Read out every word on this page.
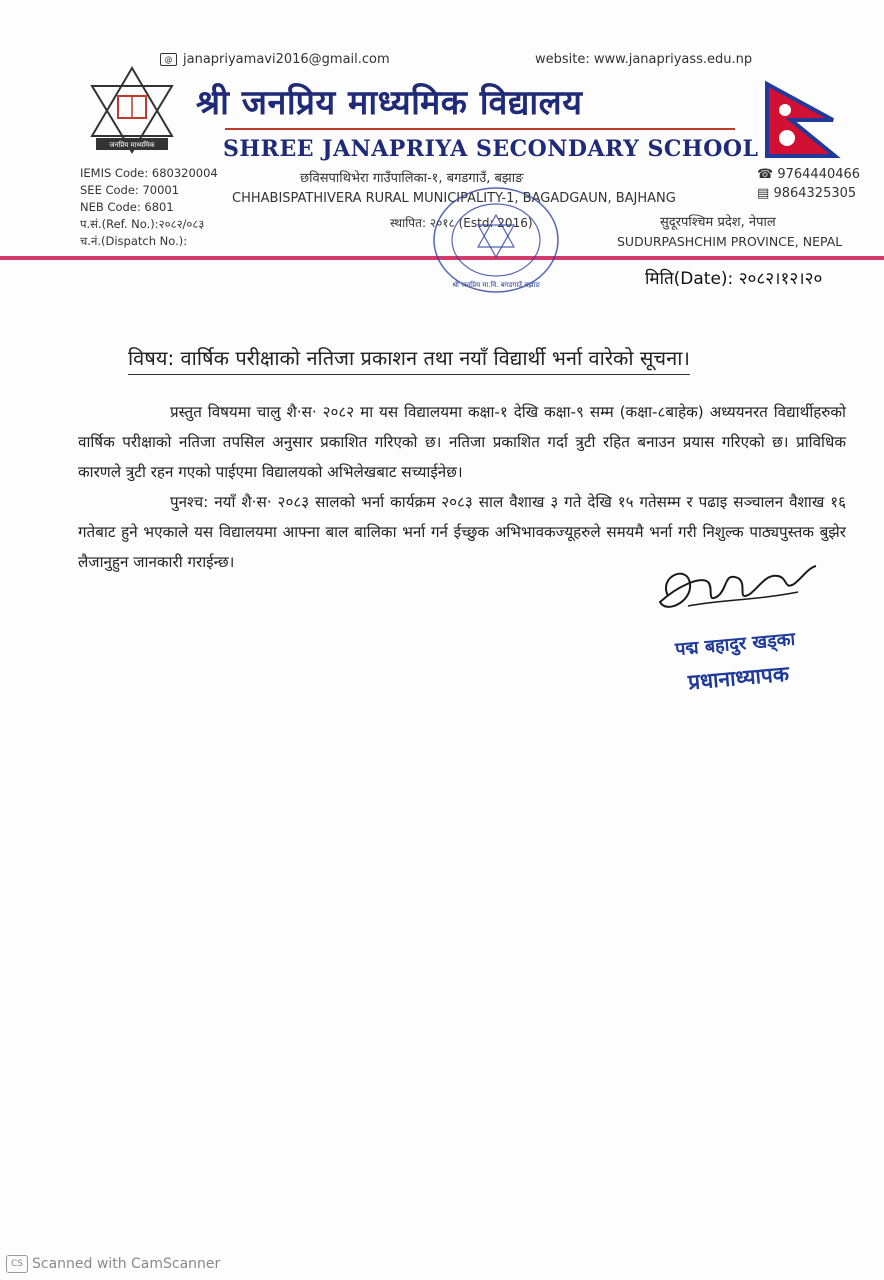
@ janapriyamavi2016@gmail.com	website: www.janapriyass.edu.np
जनप्रिय माध्यमिक
श्री जनप्रिय माध्यमिक विद्यालय
SHREE JANAPRIYA SECONDARY SCHOOL
IEMIS Code: 680320004
SEE Code: 70001
NEB Code: 6801
प.सं.(Ref. No.):२०८२/०८३
च.नं.(Dispatch No.):
छविसपाथिभेरा गाउँपालिका-१, बगडगाउँ, बझाङ
CHHABISPATHIVERA RURAL MUNICIPALITY-1, BAGADGAUN, BAJHANG
स्थापित: २०१८ (Estd: 2016)
☎ 9764440466
▤ 9864325305
सुदूरपश्चिम प्रदेश, नेपाल
SUDURPASHCHIM PROVINCE, NEPAL
श्री जनप्रिय मा.वि. बगडगाउँ बझाङ	मिति(Date): २०८२।१२।२०
विषय: वार्षिक परीक्षाको नतिजा प्रकाशन तथा नयाँ विद्यार्थी भर्ना वारेको सूचना।

प्रस्तुत विषयमा चालु शै·स· २०८२ मा यस विद्यालयमा कक्षा-१ देखि कक्षा-९ सम्म (कक्षा-८बाहेक) अध्ययनरत विद्यार्थीहरुको वार्षिक परीक्षाको नतिजा तपसिल अनुसार प्रकाशित गरिएको छ। नतिजा प्रकाशित गर्दा त्रुटी रहित बनाउन प्रयास गरिएको छ। प्राविधिक कारणले त्रुटी रहन गएको पाईएमा विद्यालयको अभिलेखबाट सच्याईनेछ।

पुनश्च: नयाँ शै·स· २०८३ सालको भर्ना कार्यक्रम २०८३ साल वैशाख ३ गते देखि १५ गतेसम्म र पढाइ सञ्चालन वैशाख १६ गतेबाट हुने भएकाले यस विद्यालयमा आफ्ना बाल बालिका भर्ना गर्न ईच्छुक अभिभावकज्यूहरुले समयमै भर्ना गरी निशुल्क पाठ्यपुस्तक बुझेर लैजानुहुन जानकारी गराईन्छ।

पद्म बहादुर खड्का
प्रधानाध्यापक
CS Scanned with CamScanner
